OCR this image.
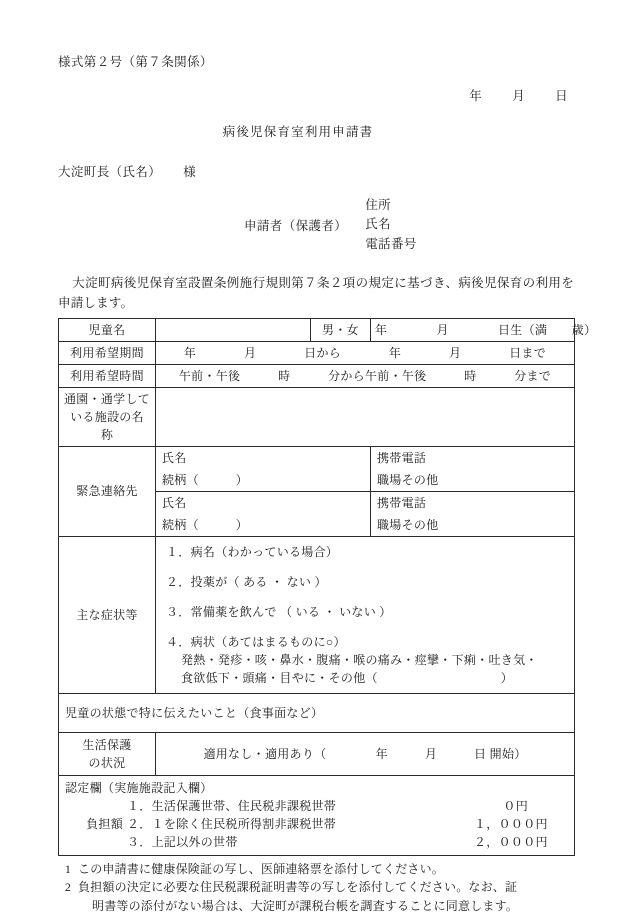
様式第２号（第７条関係）
年 月 日
病後児保育室利用申請書
大淀町長（氏名） 様
申請者（保護者）
住所
氏名
電話番号
大淀町病後児保育室設置条例施行規則第７条２項の規定に基づき、病後児保育の利用を申請します。
児童名		男・女	年　　　　月　　　　日生（満　　歳）
利用希望期間	年	月	日から	年	月	日まで

利用希望時間	午前・午後 時 分から午前・午後 時 分まで		

通園・通学して
いる施設の名
称			

緊急連絡先	氏名		携帯電話
	続柄（　　　）		職場その他
	氏名		携帯電話
	続柄（　　　）		職場その他
主な症状等	
１．病名（わかっている場合）
２．投薬が（ ある ・ ない ）
３．常備薬を飲んで （ いる ・ いない ）
４．病状（あてはまるものに○）
発熱・発疹・咳・鼻水・腹痛・喉の痛み・痙攣・下痢・吐き気・
食欲低下・頭痛・目やに・その他（　　　　　　　　　　）

児童の状態で特に伝えたいこと（食事面など）			

生活保護
の状況	適用なし・適用あり（　　　　年　　　月　　　日 開始）		

認定欄（実施施設記入欄）
１．生活保護世帯、住民税非課税世帯	０円
負担額 ２．１を除く住民税所得割非課税世帯	１，０００円
３．上記以外の世帯	２，０００円
1 この申請書に健康保険証の写し、医師連絡票を添付してください。
2 負担額の決定に必要な住民税課税証明書等の写しを添付してください。なお、証
明書等の添付がない場合は、大淀町が課税台帳を調査することに同意します。
